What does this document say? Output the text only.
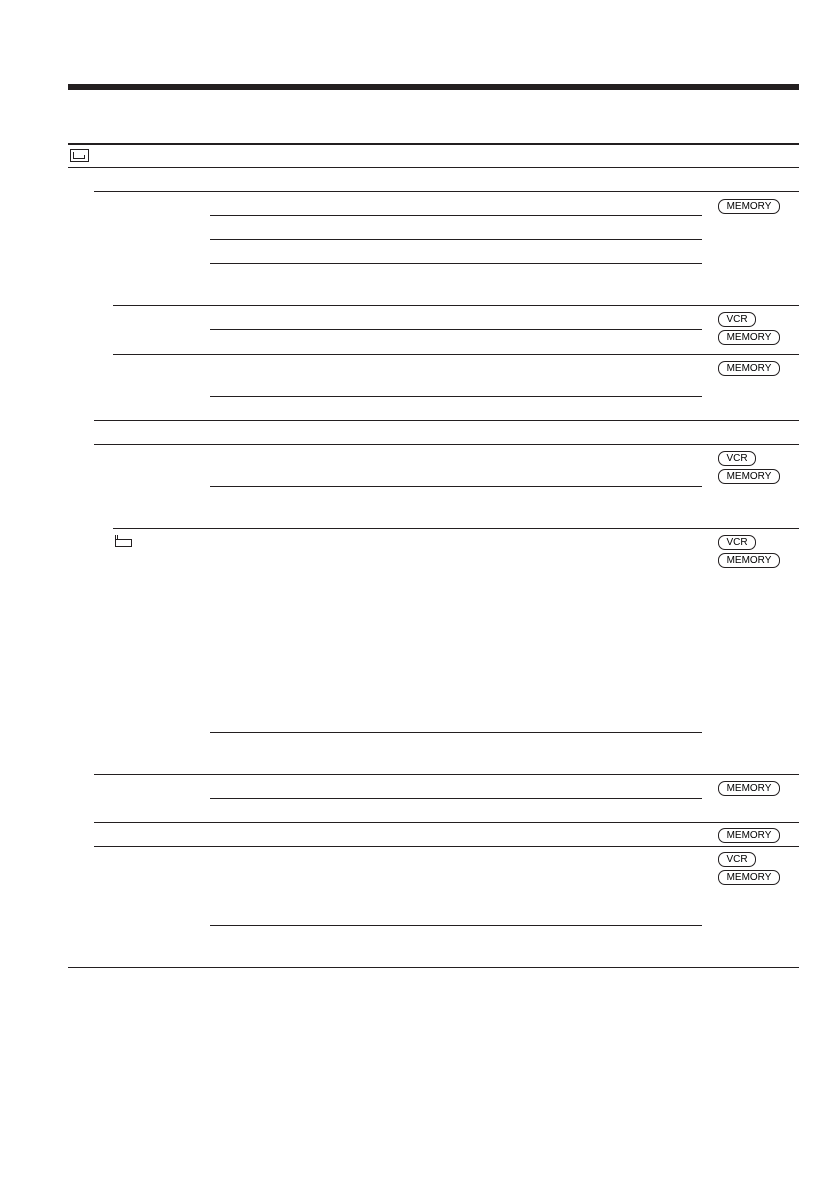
MEMORY
VCR
MEMORY
MEMORY
VCR
MEMORY
VCR
MEMORY
MEMORY
MEMORY
VCR
MEMORY
